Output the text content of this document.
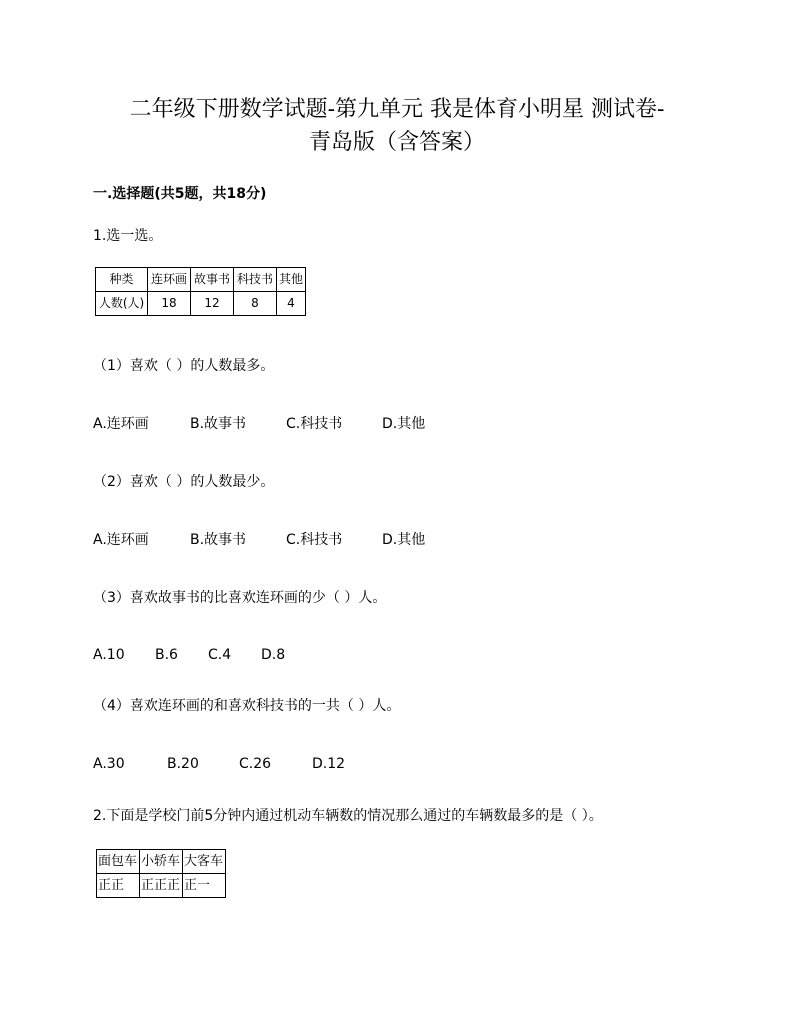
二年级下册数学试题-第九单元 我是体育小明星 测试卷-
青岛版（含答案）
一.选择题(共5题，共18分)
1.选一选。
种类	连环画	故事书	科技书	其他
人数(人)	18	12	8	4
（1）喜欢（ ）的人数最多。
A.连环画	B.故事书	C.科技书	D.其他
（2）喜欢（ ）的人数最少。
A.连环画	B.故事书	C.科技书	D.其他
（3）喜欢故事书的比喜欢连环画的少（ ）人。
A.10 B.6 C.4 D.8
（4）喜欢连环画的和喜欢科技书的一共（ ）人。
A.30	B.20	C.26	D.12
2.下面是学校门前5分钟内通过机动车辆数的情况那么通过的车辆数最多的是（ ）。
面包车	小轿车	大客车
正正	正正正	正一
